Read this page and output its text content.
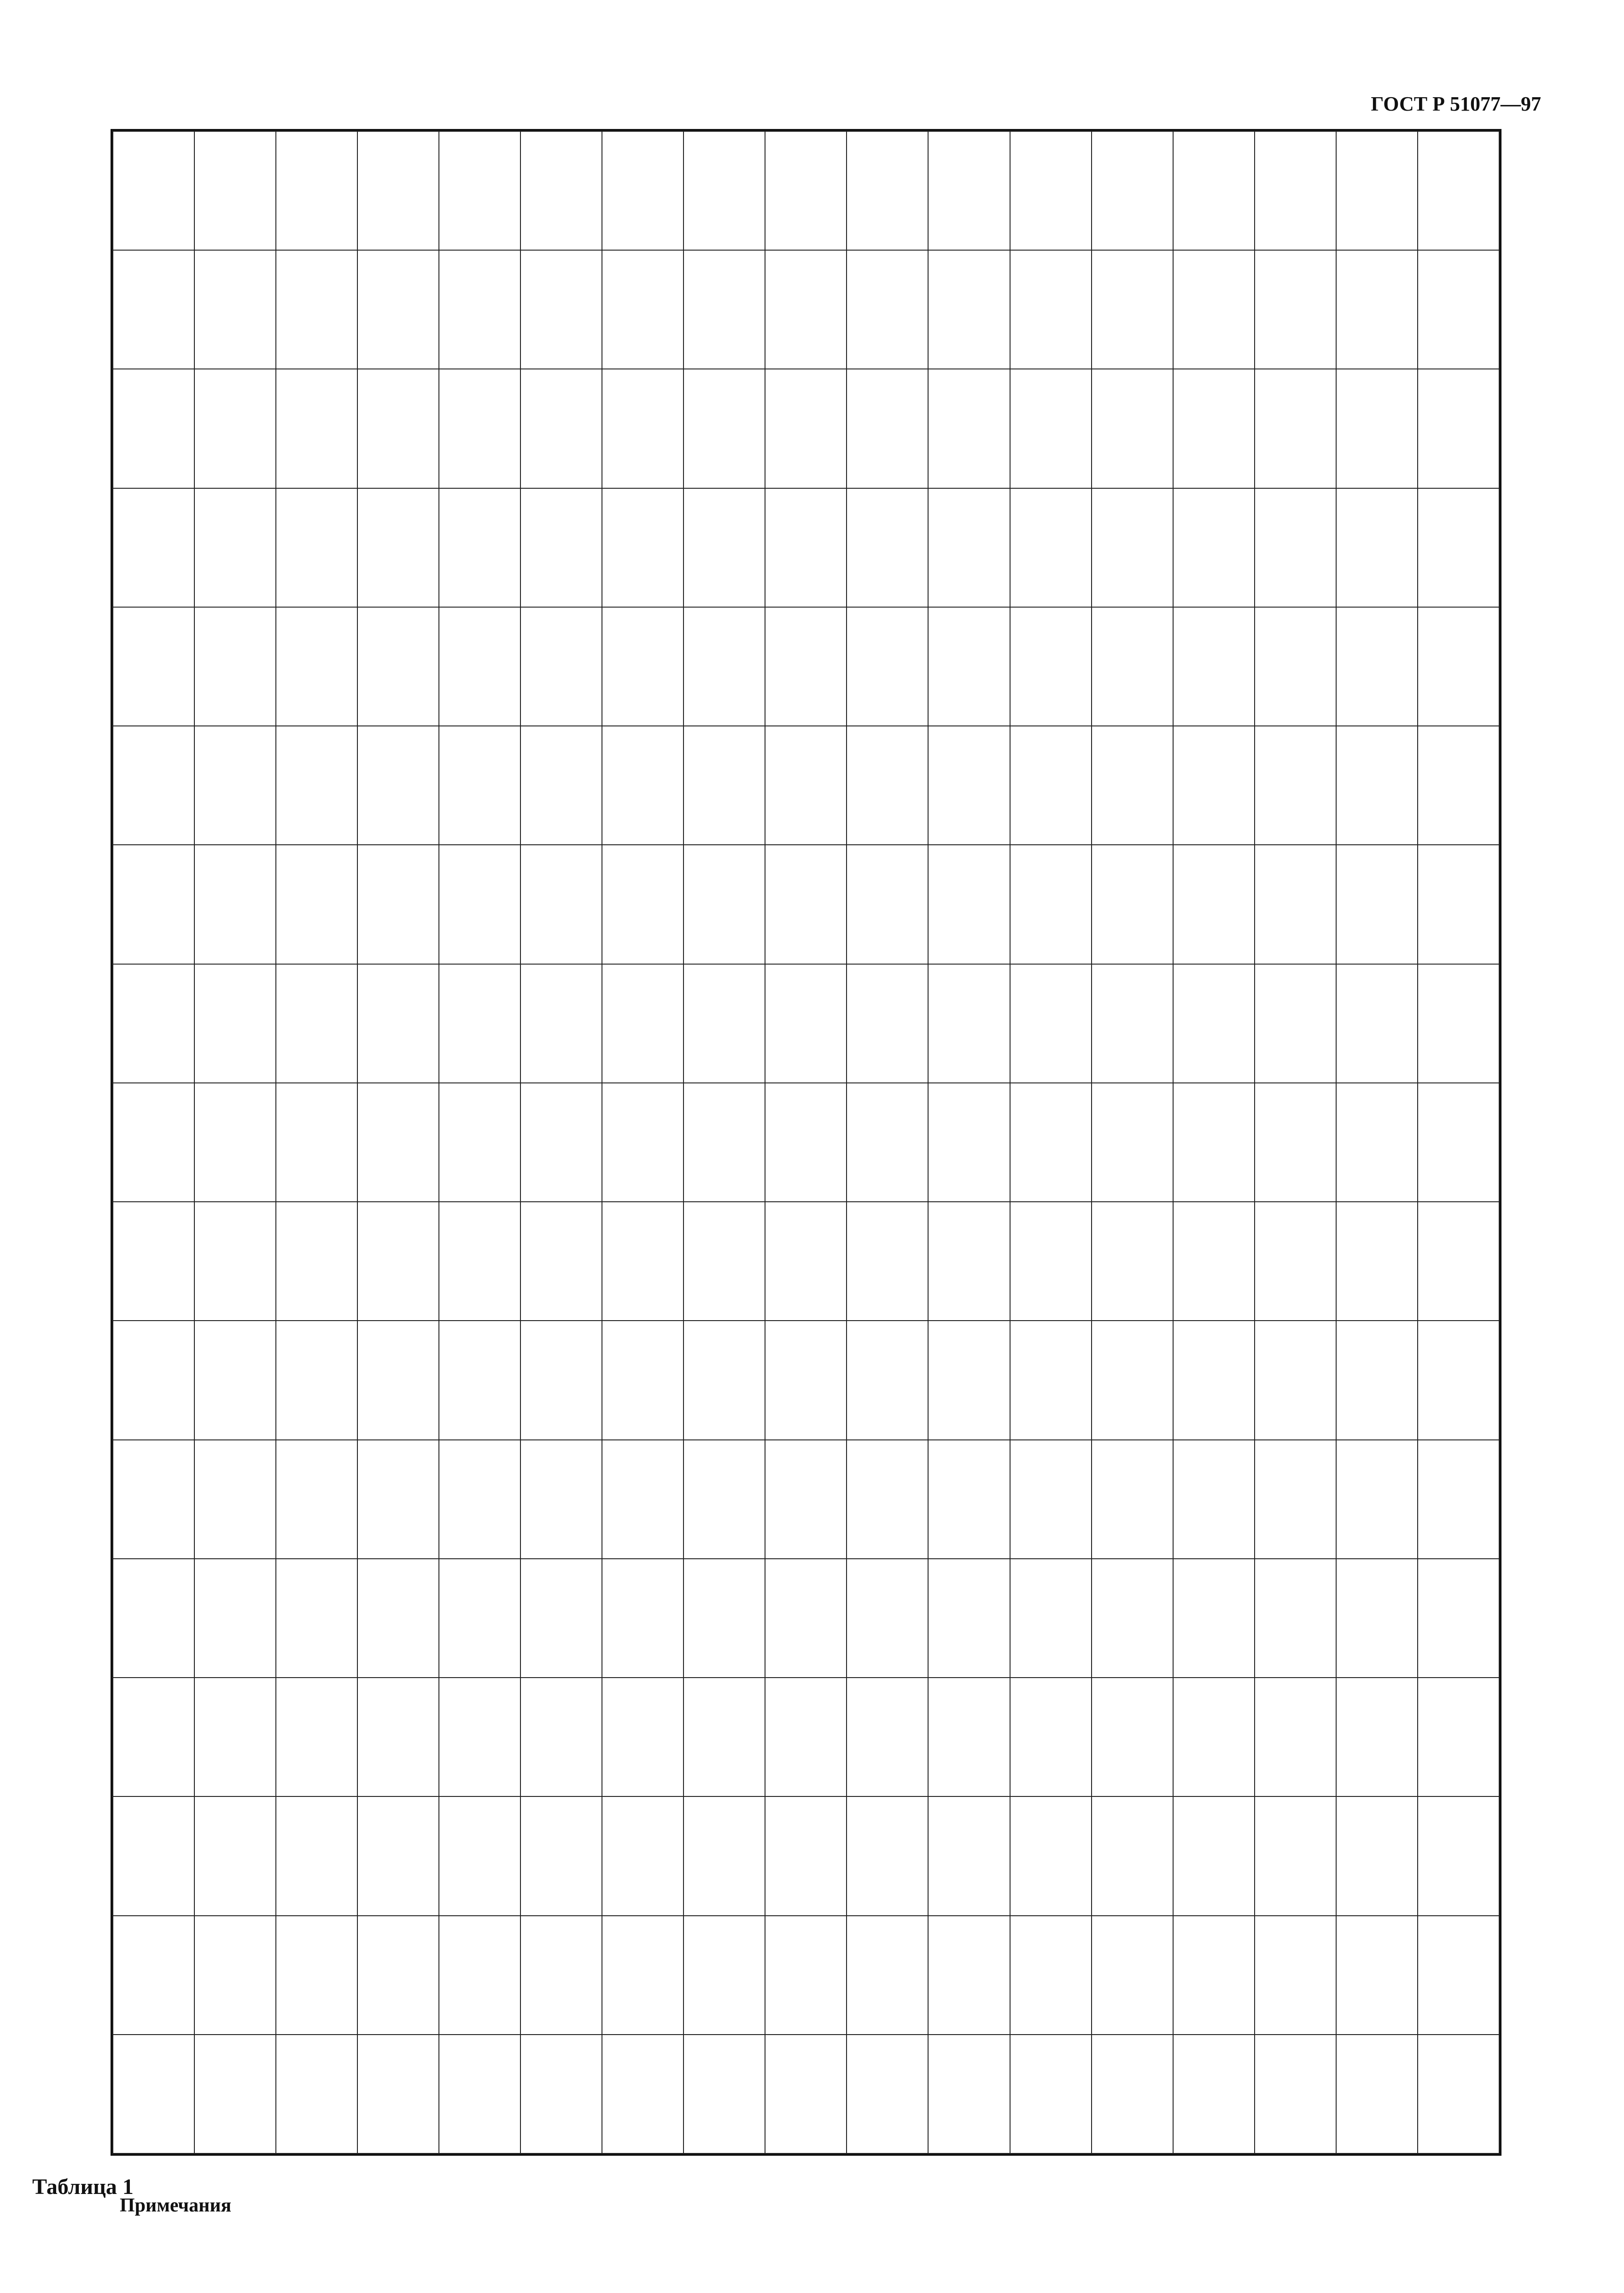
ГОСТ Р 51077—97

Таблица 1
Примечания
